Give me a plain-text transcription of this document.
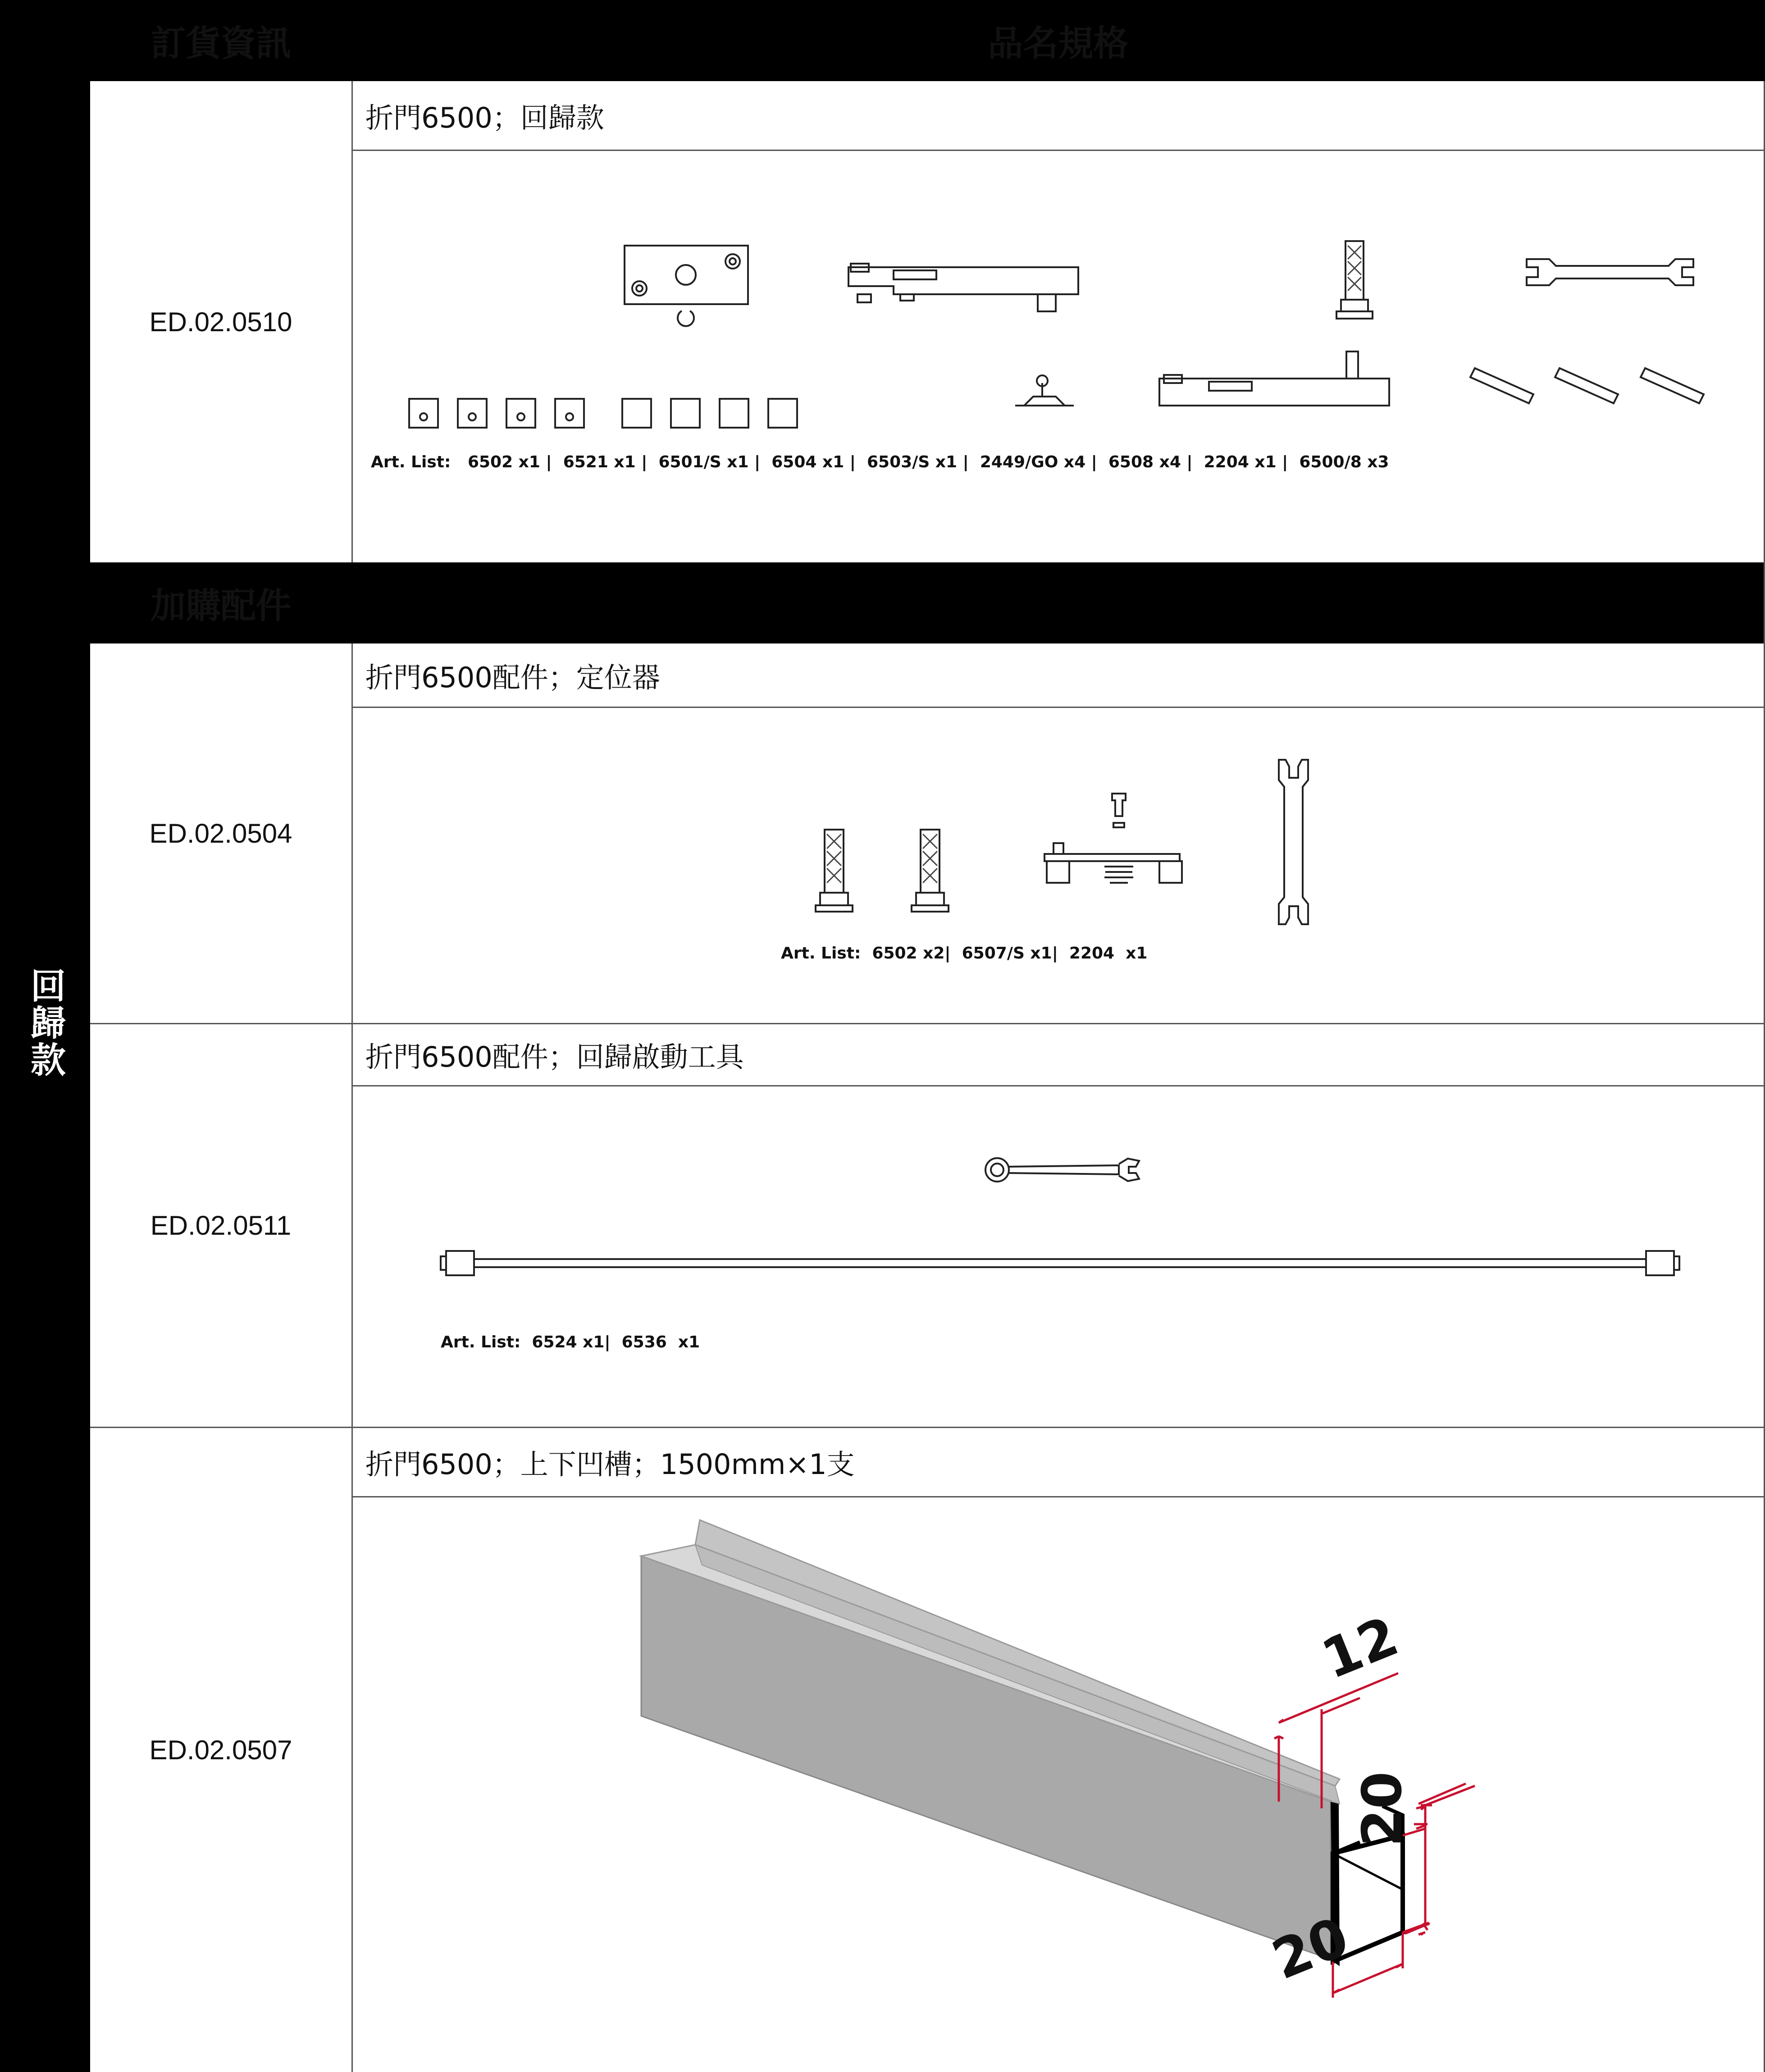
訂貨資訊	品名規格
加購配件
回歸款
ED.02.0510
折門6500；回歸款
Art. List:   6502 x1 |  6521 x1 |  6501/S x1 |  6504 x1 |  6503/S x1 |  2449/GO x4 |  6508 x4 |  2204 x1 |  6500/8 x3
ED.02.0504
折門6500配件；定位器
Art. List:  6502 x2|  6507/S x1|  2204  x1
ED.02.0511
折門6500配件；回歸啟動工具
Art. List:  6524 x1|  6536  x1
ED.02.0507
折門6500；上下凹槽；1500mm×1支
12
20
20
